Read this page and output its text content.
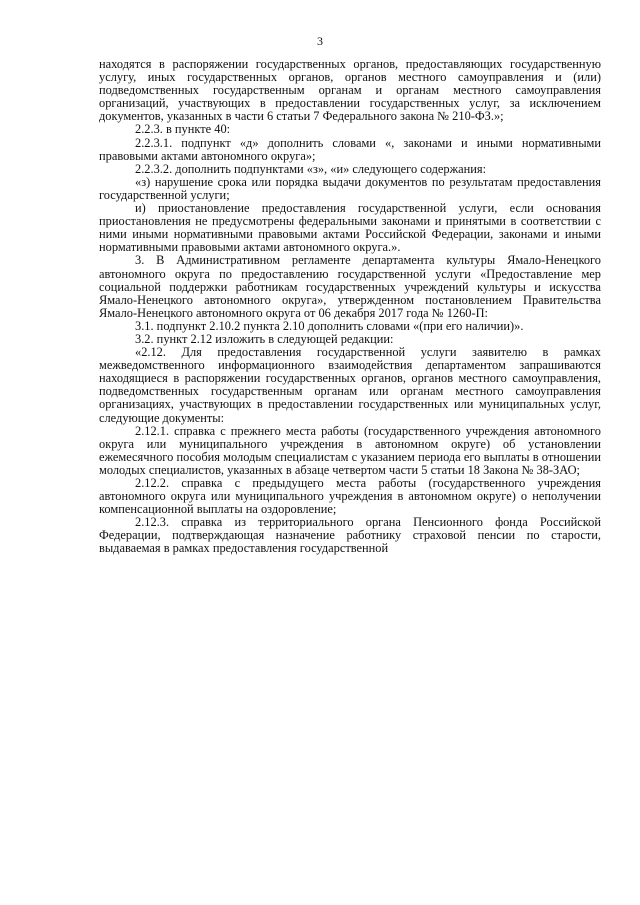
3

находятся в распоряжении государственных органов, предоставляющих государственную услугу, иных государственных органов, органов местного самоуправления и (или) подведомственных государственным органам и органам местного самоуправления организаций, участвующих в предоставлении государственных услуг, за исключением документов, указанных в части 6 статьи 7 Федерального закона № 210-ФЗ.»;

2.2.3. в пункте 40:

2.2.3.1. подпункт «д» дополнить словами «, законами и иными нормативными правовыми актами автономного округа»;

2.2.3.2. дополнить подпунктами «з», «и» следующего содержания:

«з) нарушение срока или порядка выдачи документов по результатам предоставления государственной услуги;

и) приостановление предоставления государственной услуги, если основания приостановления не предусмотрены федеральными законами и принятыми в соответствии с ними иными нормативными правовыми актами Российской Федерации, законами и иными нормативными правовыми актами автономного округа.».

3. В Административном регламенте департамента культуры Ямало-Ненецкого автономного округа по предоставлению государственной услуги «Предоставление мер социальной поддержки работникам государственных учреждений культуры и искусства Ямало-Ненецкого автономного округа», утвержденном постановлением Правительства Ямало-Ненецкого автономного округа от 06 декабря 2017 года № 1260-П:

3.1. подпункт 2.10.2 пункта 2.10 дополнить словами «(при его наличии)».

3.2. пункт 2.12 изложить в следующей редакции:

«2.12. Для предоставления государственной услуги заявителю в рамках межведомственного информационного взаимодействия департаментом запрашиваются находящиеся в распоряжении государственных органов, органов местного самоуправления, подведомственных государственным органам или органам местного самоуправления организациях, участвующих в предоставлении государственных или муниципальных услуг, следующие документы:

2.12.1. справка с прежнего места работы (государственного учреждения автономного округа или муниципального учреждения в автономном округе) об установлении ежемесячного пособия молодым специалистам с указанием периода его выплаты в отношении молодых специалистов, указанных в абзаце четвертом части 5 статьи 18 Закона № 38-ЗАО;

2.12.2. справка с предыдущего места работы (государственного учреждения автономного округа или муниципального учреждения в автономном округе) о неполучении компенсационной выплаты на оздоровление;

2.12.3. справка из территориального органа Пенсионного фонда Российской Федерации, подтверждающая назначение работнику страховой пенсии по старости, выдаваемая в рамках предоставления государственной
